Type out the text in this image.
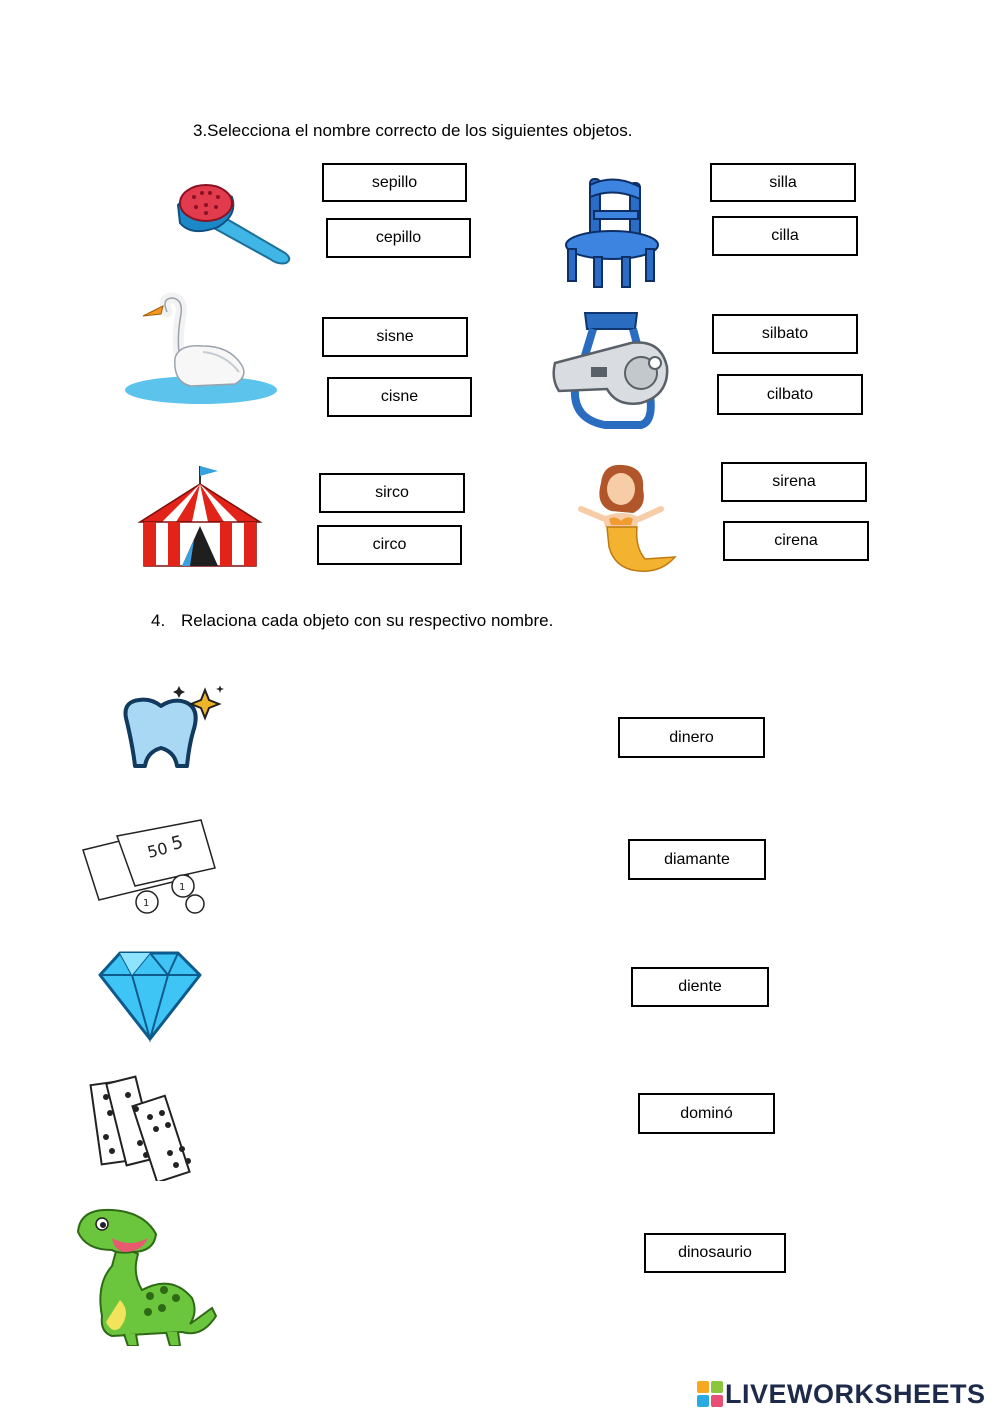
3.Selecciona el nombre correcto de los siguientes objetos.
sepillo
cepillo
silla
cilla
sisne
cisne
silbato
cilbato
sirco
circo
sirena
cirena
4. Relaciona cada objeto con su respectivo nombre.
50 5
1
1
dinero
diamante
diente
dominó
dinosaurio
LIVEWORKSHEETS
